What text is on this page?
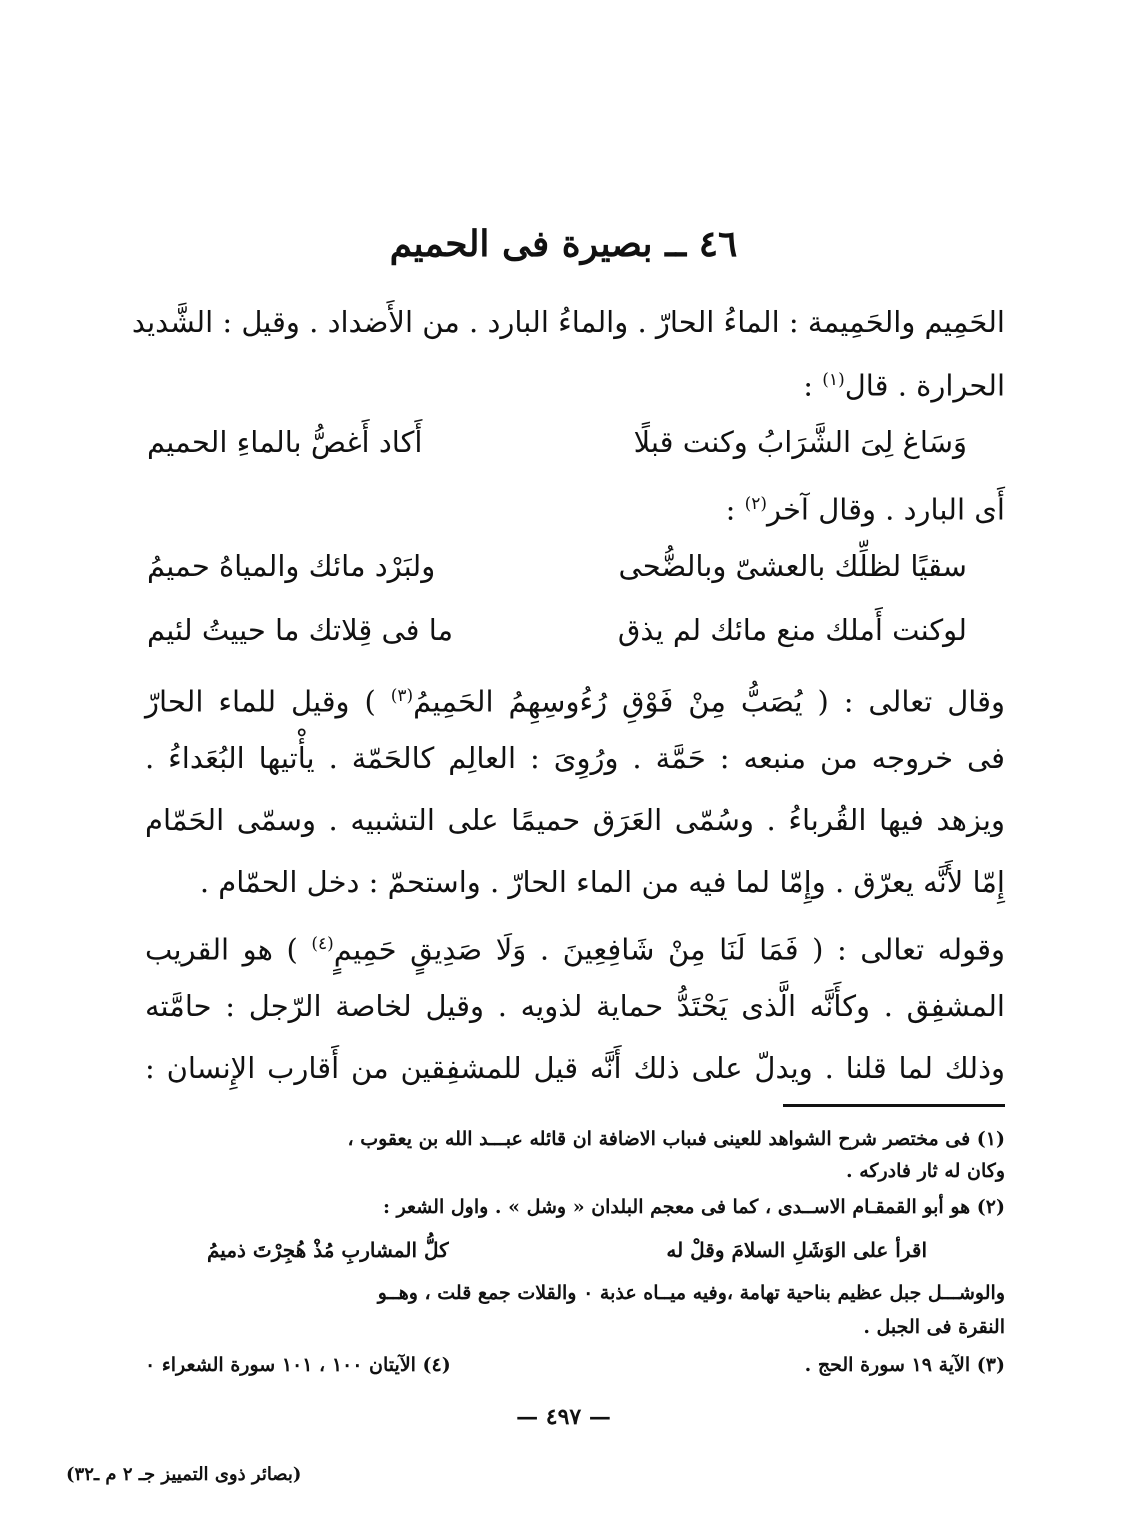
٤٦ ــ بصيرة فى الحميم
الحَمِيم والحَمِيمة : الماءُ الحارّ . والماءُ البارد . من الأَضداد . وقيل : الشَّديد
الحرارة . قال$^{(١)}$ :
وَسَاغ لِىَ الشَّرَابُ وكنت قبلًا
أَكاد أَغصُّ بالماءِ الحميم
أَى البارد . وقال آخر$^{(٢)}$ :
سقيًا لظلِّك بالعشىّ وبالضُّحى
ولبَرْد مائك والمياهُ حميمُ
لوكنت أَملك منع مائك لم يذق
ما فى قِلاتك ما حييتُ لئيم
وقال تعالى : ( يُصَبُّ مِنْ فَوْقِ رُءُوسِهِمُ الحَمِيمُ$^{(٣)}$ ) وقيل للماء الحارّ
فى خروجه من منبعه : حَمَّة . ورُوِىَ : العالِم كالحَمّة . يأْتيها البُعَداءُ .
ويزهد فيها القُرباءُ . وسُمّى العَرَق حميمًا على التشبيه . وسمّى الحَمّام
إِمّا لأَنَّه يعرّق . وإِمّا لما فيه من الماء الحارّ . واستحمّ : دخل الحمّام .
وقوله تعالى : ( فَمَا لَنَا مِنْ شَافِعِينَ . وَلَا صَدِيقٍ حَمِيمٍ$^{(٤)}$ ) هو القريب
المشفِق . وكأَنَّه الَّذى يَحْتَدُّ حماية لذويه . وقيل لخاصة الرّجل : حامَّته
وذلك لما قلنا . ويدلّ على ذلك أَنَّه قيل للمشفِقين من أَقارب الإِنسان :
(١) فى مختصر شرح الشواهد للعينى فىباب الاضافة ان قائله عبـــد الله بن يعقوب ،
وكان له ثار فادركه .
(٢) هو أبو القمقـام الاســدى ، كما فى معجم البلدان « وشل » . واول الشعر :
اقرأ على الوَشَلِ السلامَ وقلْ له
كلُّ المشاربِ مُذْ هُجِرْتَ ذميمُ
والوشـــل جبل عظيم بناحية تهامة ،وفيه ميــاه عذبة ٠ والقلات جمع قلت ، وهــو
النقرة فى الجبل .
(٣) الآية ١٩ سورة الحج .
(٤) الآيتان ١٠٠ ، ١٠١ سورة الشعراء ٠
— ٤٩٧ —
(بصائر ذوى التمييز جـ ٢ م ـ٣٢)
